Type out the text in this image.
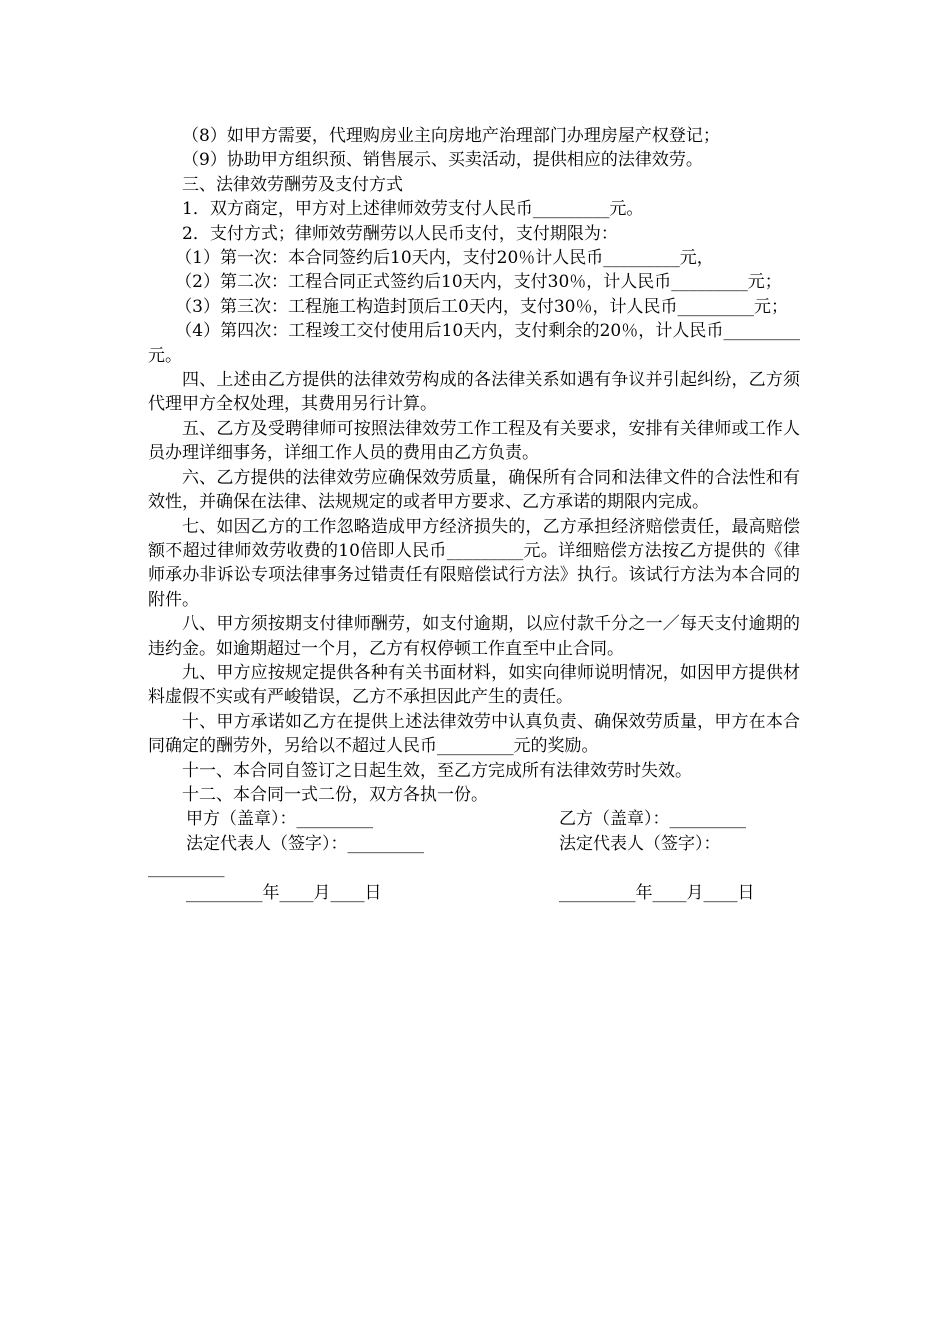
（8）如甲方需要，代理购房业主向房地产治理部门办理房屋产权登记；

（9）协助甲方组织预、销售展示、买卖活动，提供相应的法律效劳。

三、法律效劳酬劳及支付方式

1．双方商定，甲方对上述律师效劳支付人民币_________元。

2．支付方式；律师效劳酬劳以人民币支付，支付期限为：

（1）第一次：本合同签约后10天内，支付20％计人民币_________元，

（2）第二次：工程合同正式签约后10天内，支付30％，计人民币_________元；

（3）第三次：工程施工构造封顶后工0天内，支付30％，计人民币_________元；

（4）第四次：工程竣工交付使用后10天内，支付剩余的20％，计人民币_________元。

四、上述由乙方提供的法律效劳构成的各法律关系如遇有争议并引起纠纷，乙方须代理甲方全权处理，其费用另行计算。

五、乙方及受聘律师可按照法律效劳工作工程及有关要求，安排有关律师或工作人员办理详细事务，详细工作人员的费用由乙方负责。

六、乙方提供的法律效劳应确保效劳质量，确保所有合同和法律文件的合法性和有效性，并确保在法律、法规规定的或者甲方要求、乙方承诺的期限内完成。

七、如因乙方的工作忽略造成甲方经济损失的，乙方承担经济赔偿责任，最高赔偿额不超过律师效劳收费的10倍即人民币_________元。详细赔偿方法按乙方提供的《律师承办非诉讼专项法律事务过错责任有限赔偿试行方法》执行。该试行方法为本合同的附件。

八、甲方须按期支付律师酬劳，如支付逾期，以应付款千分之一／每天支付逾期的违约金。如逾期超过一个月，乙方有权停顿工作直至中止合同。

九、甲方应按规定提供各种有关书面材料，如实向律师说明情况，如因甲方提供材料虚假不实或有严峻错误，乙方不承担因此产生的责任。

十、甲方承诺如乙方在提供上述法律效劳中认真负责、确保效劳质量，甲方在本合同确定的酬劳外，另给以不超过人民币_________元的奖励。

十一、本合同自签订之日起生效，至乙方完成所有法律效劳时失效。

十二、本合同一式二份，双方各执一份。

甲方（盖章）：_________	乙方（盖章）：_________
法定代表人（签字）：_________	法定代表人（签字）：
_________
_________年____月____日	_________年____月____日
